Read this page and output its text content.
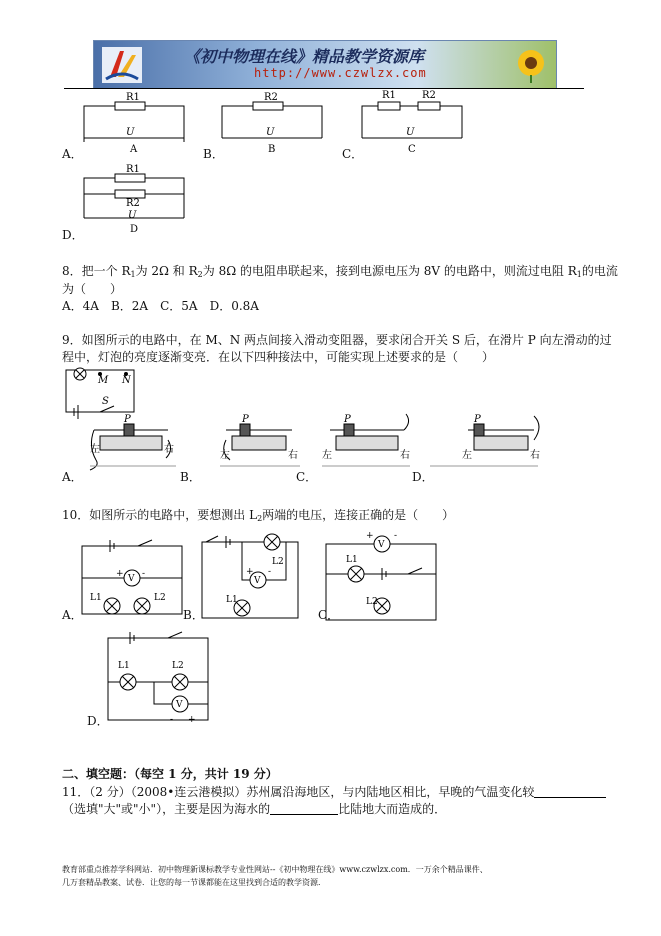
《初中物理在线》精品教学资源库
http://www.czwlzx.com
R1
U
A
R2
U
B
R1	R2
U
C
R1
R2
U
D
A．	B．	C．
D．
8．把一个 $R_1$为 2Ω 和 $R_2$为 8Ω 的电阻串联起来，接到电源电压为 8V 的电路中，则流过电阻 $R_1$的电流
为（　　）
A．4A　B．2A　C．5A　D．0.8A
9．如图所示的电路中，在 M、N 两点间接入滑动变阻器，要求闭合开关 S 后，在滑片 P 向左滑动的过
程中，灯泡的亮度逐渐变亮．在以下四种接法中，可能实现上述要求的是（　　）
M N
S
P	P	P	P
左	右
左	右 左	右	左	右
A．	B．	C．	D．
10．如图所示的电路中，要想测出 $L_2$两端的电压，连接正确的是（　　）
V
+ -
L1	L2
V
+ -
L2
L1
V
+ -
L1
L2
L1	L2
V
- +
A．	B．	C．
D．
二、填空题：（每空 1 分，共计 19 分）
11．（2 分）（2008•连云港模拟）苏州属沿海地区，与内陆地区相比，早晚的气温变化较
（选填"大"或"小"），主要是因为海水的	比陆地大而造成的．
教育部重点推荐学科网站．初中物理新课标教学专业性网站--《初中物理在线》www.czwlzx.com．一万余个精品课件、
几万套精品教案、试卷．让您的每一节课都能在这里找到合适的教学资源．
